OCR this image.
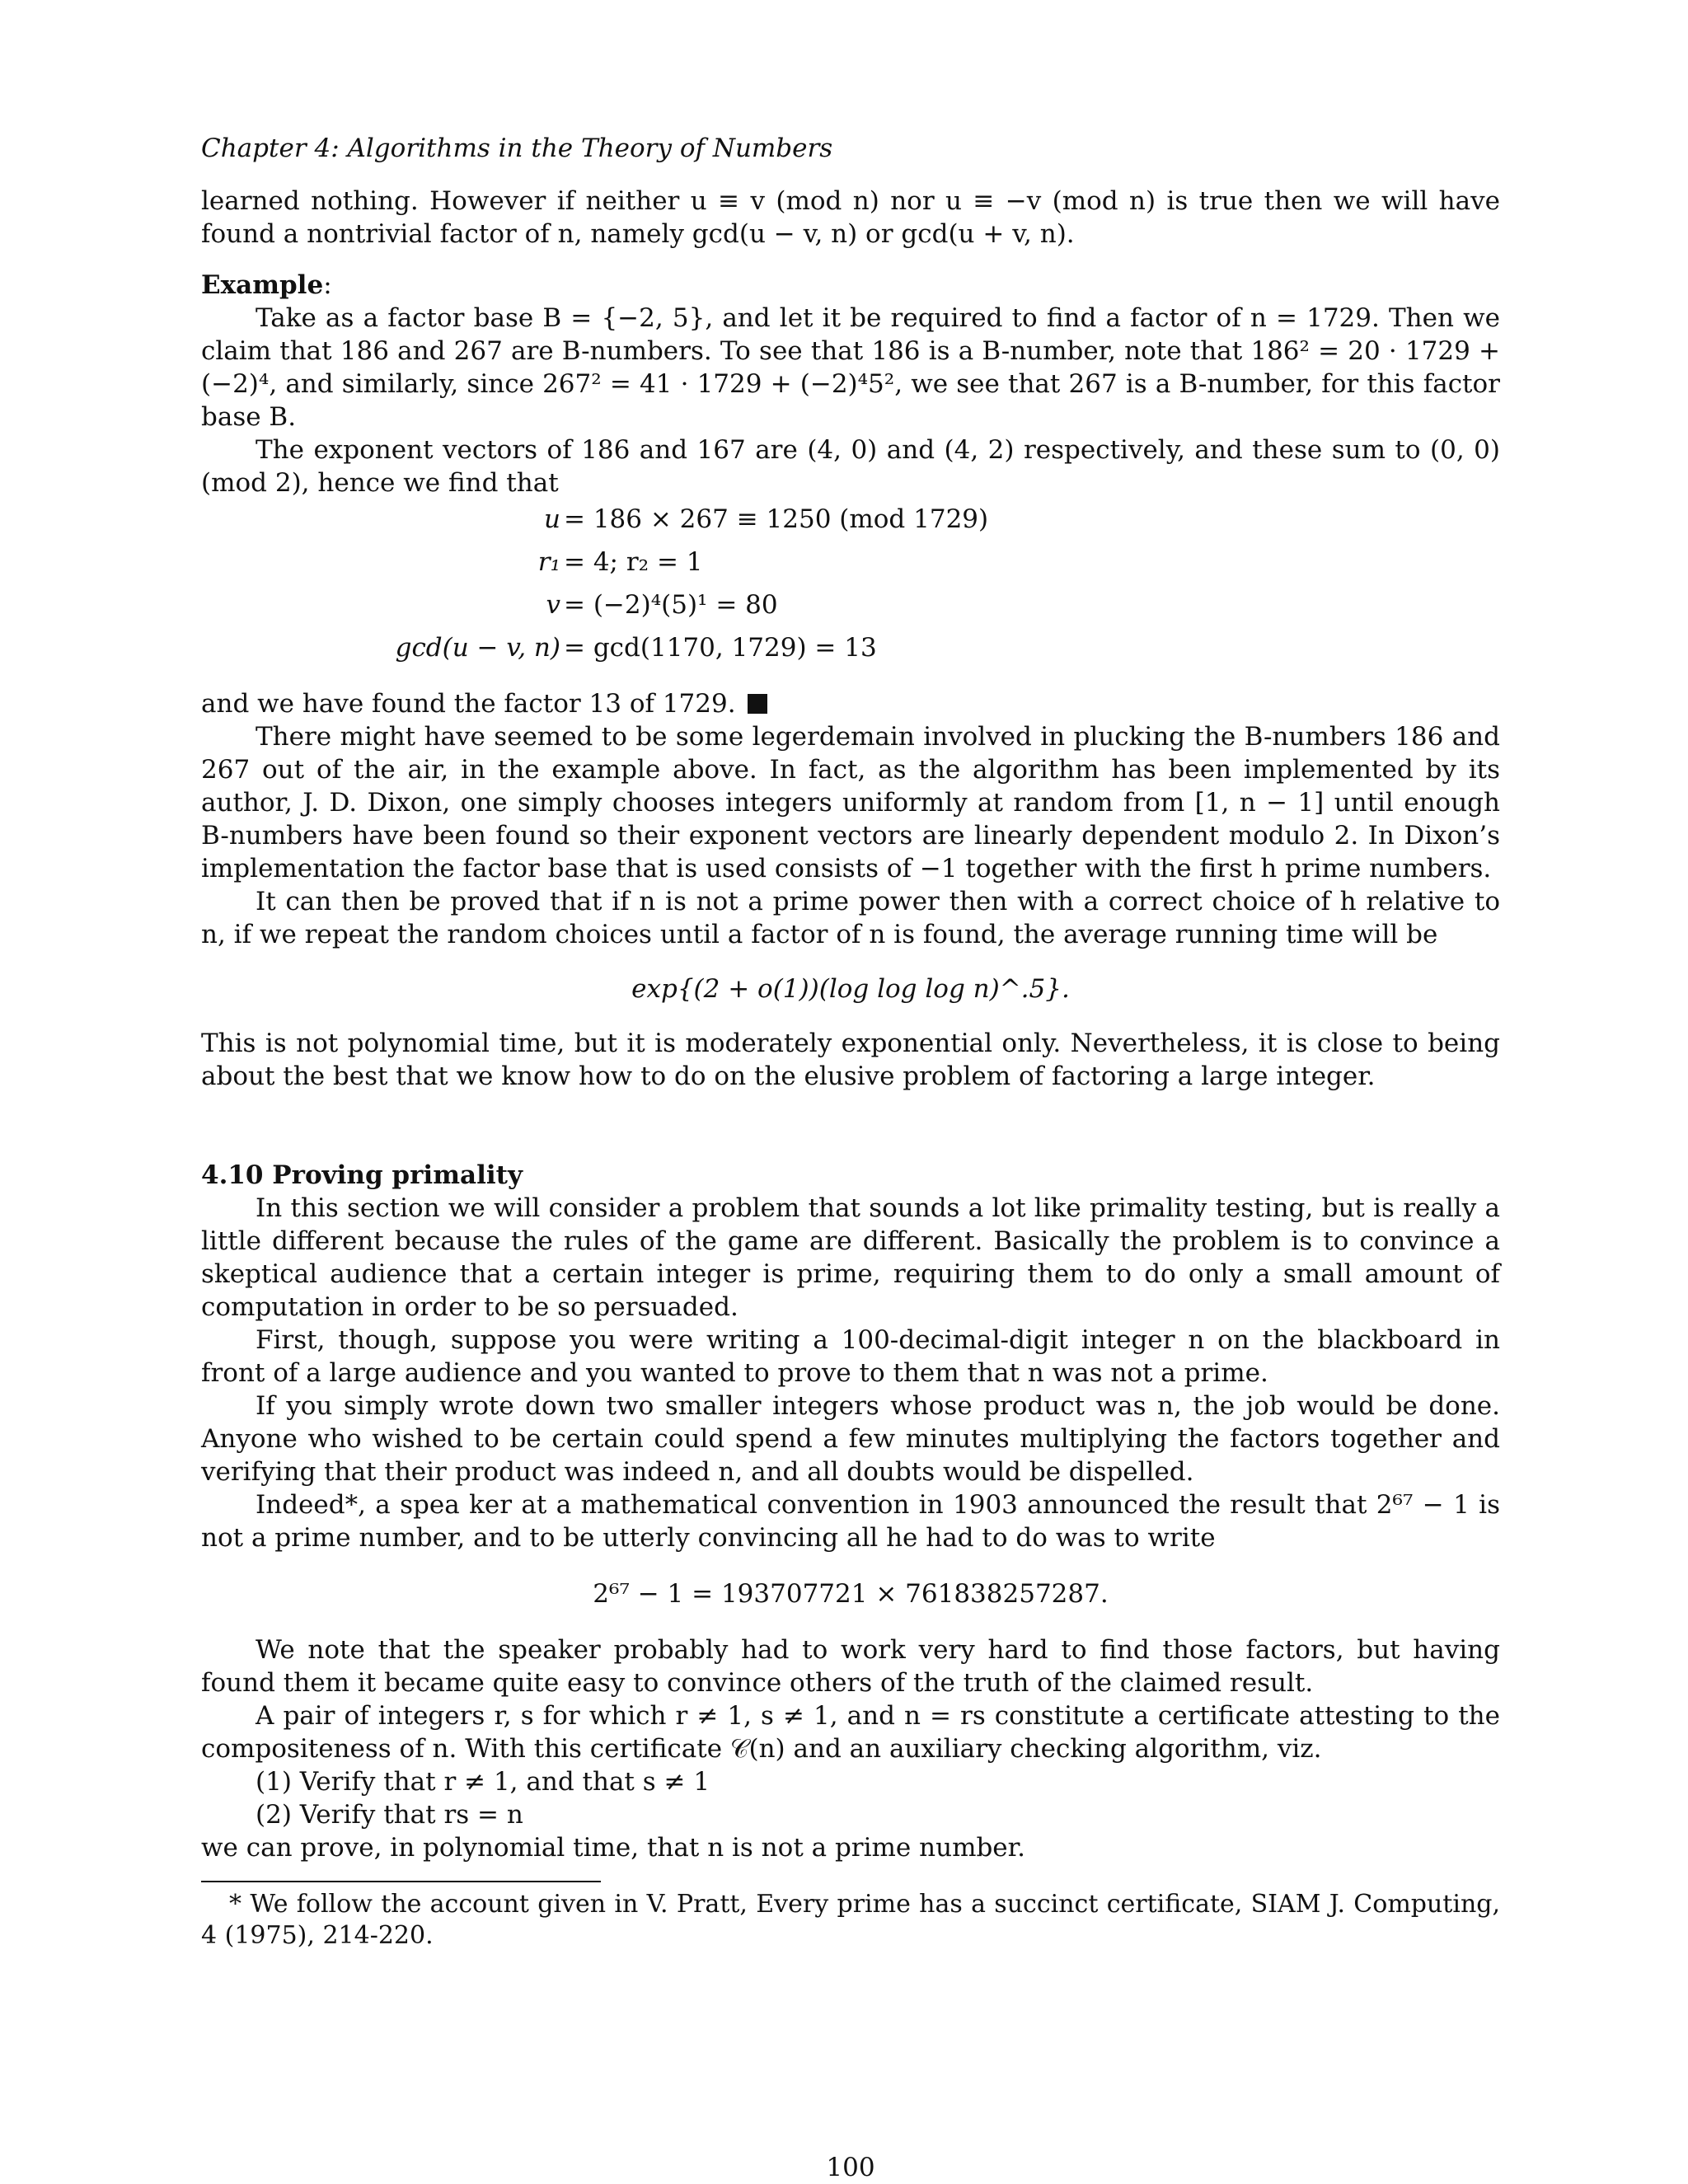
Chapter 4: Algorithms in the Theory of Numbers

learned nothing. However if neither u ≡ v (mod n) nor u ≡ −v (mod n) is true then we will have found a nontrivial factor of n, namely gcd(u − v, n) or gcd(u + v, n).

Example:

Take as a factor base B = {−2, 5}, and let it be required to find a factor of n = 1729. Then we claim that 186 and 267 are B-numbers. To see that 186 is a B-number, note that 186² = 20 · 1729 + (−2)⁴, and similarly, since 267² = 41 · 1729 + (−2)⁴5², we see that 267 is a B-number, for this factor base B.

The exponent vectors of 186 and 167 are (4, 0) and (4, 2) respectively, and these sum to (0, 0) (mod 2), hence we find that

u = 186 × 267 ≡ 1250 (mod 1729)
r₁ = 4; r₂ = 1
v = (−2)⁴(5)¹ = 80
gcd(u − v, n) = gcd(1170, 1729) = 13

and we have found the factor 13 of 1729.

There might have seemed to be some legerdemain involved in plucking the B-numbers 186 and 267 out of the air, in the example above. In fact, as the algorithm has been implemented by its author, J. D. Dixon, one simply chooses integers uniformly at random from [1, n − 1] until enough B-numbers have been found so their exponent vectors are linearly dependent modulo 2. In Dixon’s implementation the factor base that is used consists of −1 together with the first h prime numbers.

It can then be proved that if n is not a prime power then with a correct choice of h relative to n, if we repeat the random choices until a factor of n is found, the average running time will be

exp{(2 + o(1))(log log log n)^.5}.

This is not polynomial time, but it is moderately exponential only. Nevertheless, it is close to being about the best that we know how to do on the elusive problem of factoring a large integer.

4.10 Proving primality

In this section we will consider a problem that sounds a lot like primality testing, but is really a little different because the rules of the game are different. Basically the problem is to convince a skeptical audience that a certain integer is prime, requiring them to do only a small amount of computation in order to be so persuaded.

First, though, suppose you were writing a 100-decimal-digit integer n on the blackboard in front of a large audience and you wanted to prove to them that n was not a prime.

If you simply wrote down two smaller integers whose product was n, the job would be done. Anyone who wished to be certain could spend a few minutes multiplying the factors together and verifying that their product was indeed n, and all doubts would be dispelled.

Indeed*, a spea ker at a mathematical convention in 1903 announced the result that 2⁶⁷ − 1 is not a prime number, and to be utterly convincing all he had to do was to write

2⁶⁷ − 1 = 193707721 × 761838257287.

We note that the speaker probably had to work very hard to find those factors, but having found them it became quite easy to convince others of the truth of the claimed result.

A pair of integers r, s for which r ≠ 1, s ≠ 1, and n = rs constitute a certificate attesting to the compositeness of n. With this certificate 𝒞(n) and an auxiliary checking algorithm, viz.

(1) Verify that r ≠ 1, and that s ≠ 1

(2) Verify that rs = n

we can prove, in polynomial time, that n is not a prime number.

* We follow the account given in V. Pratt, Every prime has a succinct certificate, SIAM J. Computing, 4 (1975), 214-220.

100
